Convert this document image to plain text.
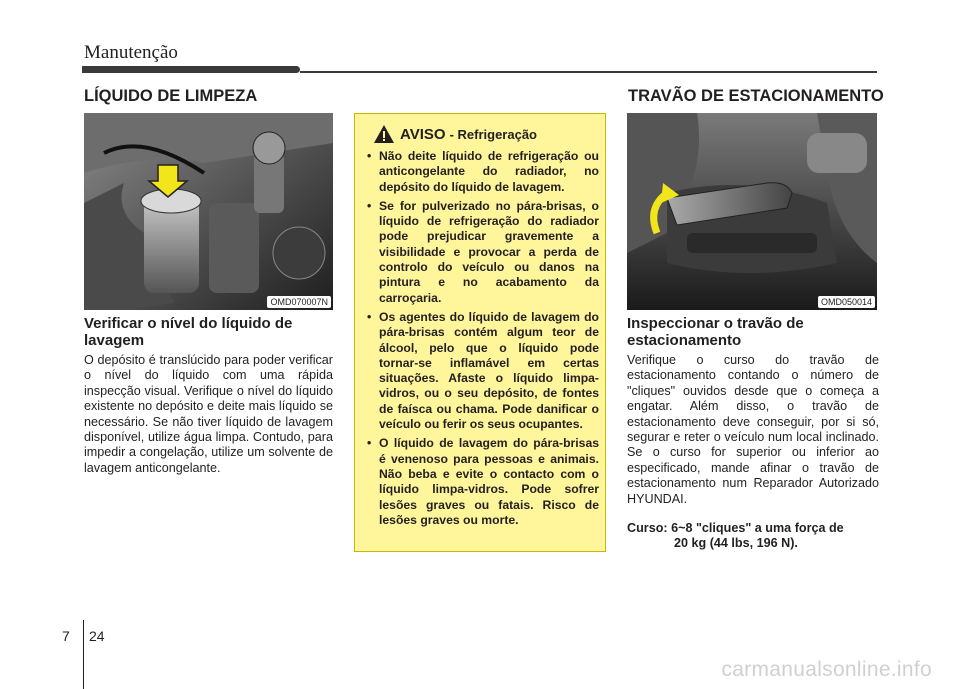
Manutenção
LÍQUIDO DE LIMPEZA
OMD070007N
Verificar o nível do líquido de lavagem
O depósito é translúcido para poder verificar o nível do líquido com uma rápida inspecção visual. Verifique o nível do líquido existente no depósito e deite mais líquido se necessário. Se não tiver líquido de lavagem disponível, utilize água limpa. Contudo, para impedir a congelação, utilize um solvente de lavagem anticongelante.
AVISO - Refrigeração
• Não deite líquido de refrigeração ou anticongelante do radiador, no depósito do líquido de lavagem.
• Se for pulverizado no pára-brisas, o líquido de refrigeração do radiador pode prejudicar gravemente a visibilidade e provocar a perda de controlo do veículo ou danos na pintura e no acabamento da carroçaria.
• Os agentes do líquido de lavagem do pára-brisas contém algum teor de álcool, pelo que o líquido pode tornar-se inflamável em certas situações. Afaste o líquido limpa-vidros, ou o seu depósito, de fontes de faísca ou chama. Pode danificar o veículo ou ferir os seus ocupantes.
• O líquido de lavagem do pára-brisas é venenoso para pessoas e animais. Não beba e evite o contacto com o líquido limpa-vidros. Pode sofrer lesões graves ou fatais. Risco de lesões graves ou morte.
TRAVÃO DE ESTACIONAMENTO
OMD050014
Inspeccionar o travão de estacionamento
Verifique o curso do travão de estacionamento contando o número de "cliques" ouvidos desde que o começa a engatar. Além disso, o travão de estacionamento deve conseguir, por si só, segurar e reter o veículo num local inclinado. Se o curso for superior ou inferior ao especificado, mande afinar o travão de estacionamento num Reparador Autorizado HYUNDAI.
Curso: 6~8 "cliques" a uma força de
20 kg (44 lbs, 196 N).
7 24
carmanualsonline.info
